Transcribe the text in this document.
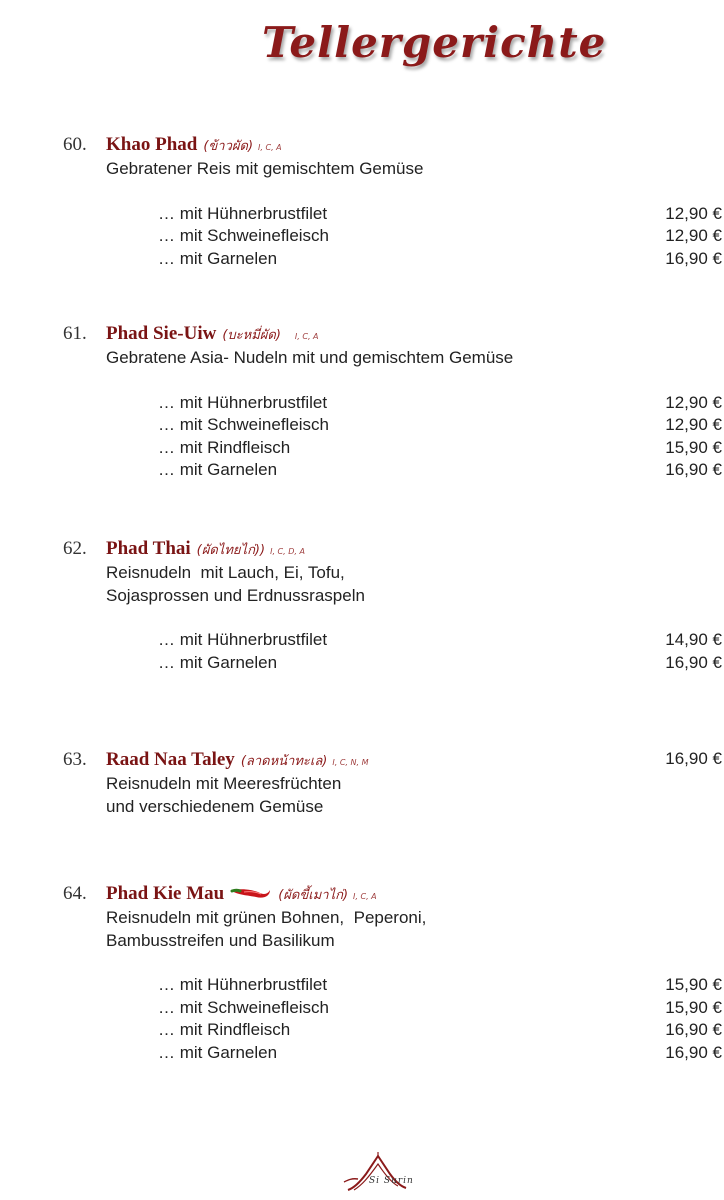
Tellergerichte
60. Khao Phad (ข้าวผัด) I, C, A
Gebratener Reis mit gemischtem Gemüse
… mit Hühnerbrustfilet	12,90 €
… mit Schweinefleisch	12,90 €
… mit Garnelen	16,90 €
61. Phad Sie-Uiw (บะหมี่ผัด) I, C, A
Gebratene Asia- Nudeln mit und gemischtem Gemüse
… mit Hühnerbrustfilet	12,90 €
… mit Schweinefleisch	12,90 €
… mit Rindfleisch	15,90 €
… mit Garnelen	16,90 €
62. Phad Thai (ผัดไทยไก่)) I, C, D, A
Reisnudeln  mit Lauch, Ei, Tofu,
Sojasprossen und Erdnussraspeln
… mit Hühnerbrustfilet	14,90 €
… mit Garnelen	16,90 €
63. Raad Naa Taley (ลาดหน้าทะเล) I, C, N, M	16,90 €
Reisnudeln mit Meeresfrüchten
und verschiedenem Gemüse
64. Phad Kie Mau	(ผัดขี้เมาไก่) I, C, A
Reisnudeln mit grünen Bohnen,  Peperoni,
Bambusstreifen und Basilikum
… mit Hühnerbrustfilet	15,90 €
… mit Schweinefleisch	15,90 €
… mit Rindfleisch	16,90 €
… mit Garnelen	16,90 €
Si Surin
